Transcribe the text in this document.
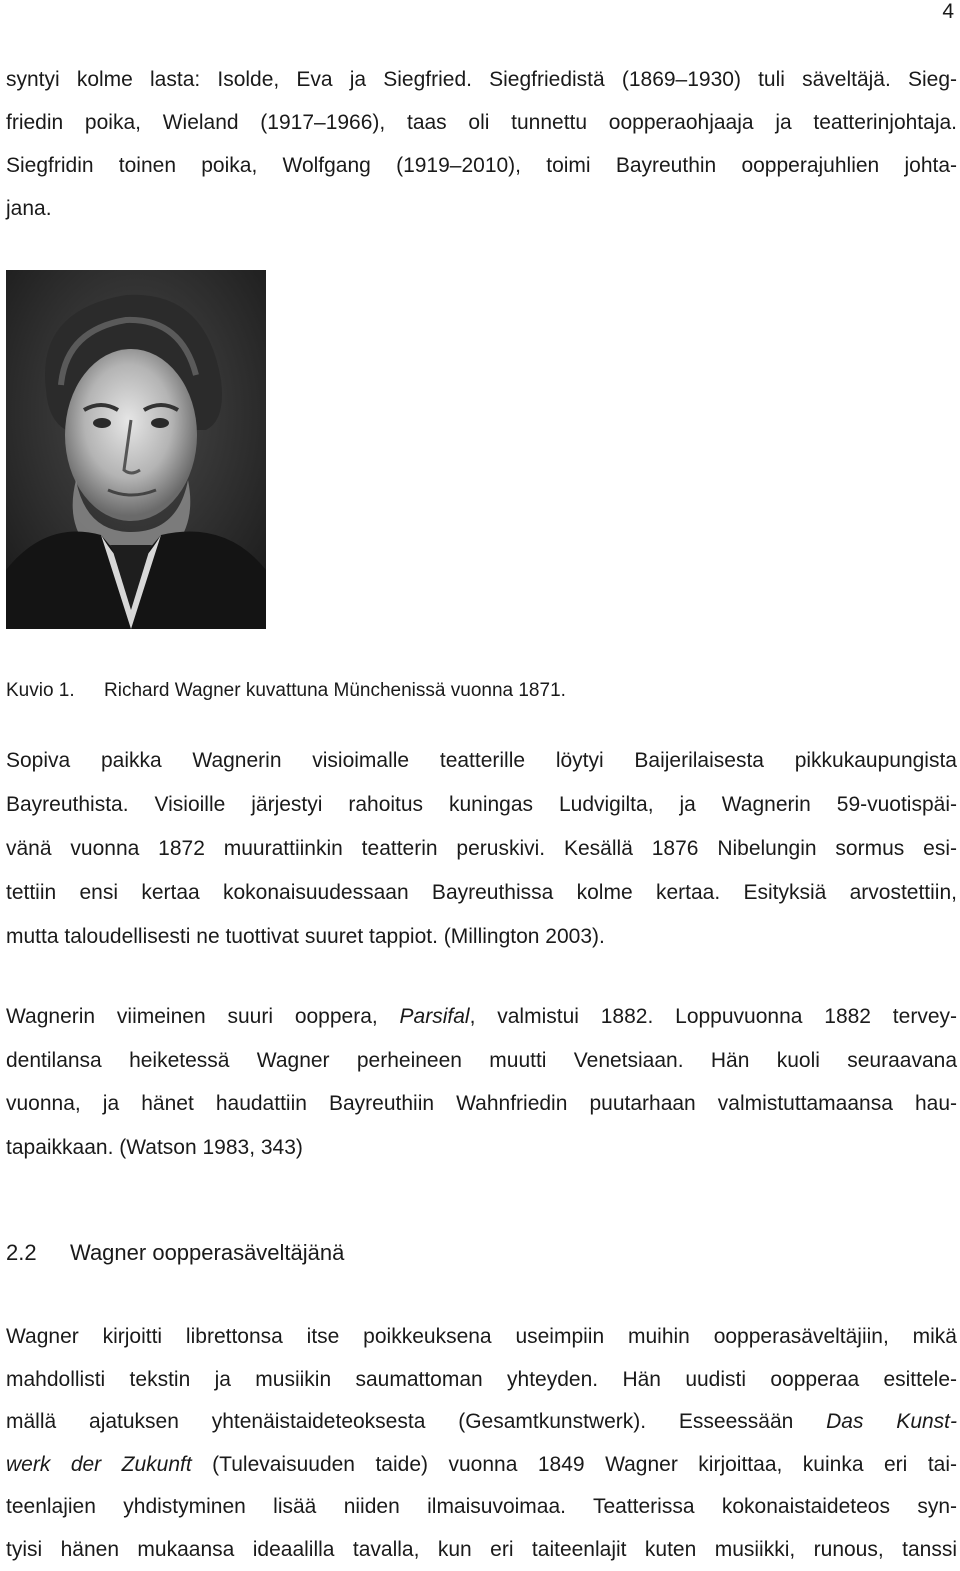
4
syntyi kolme lasta: Isolde, Eva ja Siegfried. Siegfriedistä (1869–1930) tuli säveltäjä. Sieg-
friedin poika, Wieland (1917–1966), taas oli tunnettu oopperaohjaaja ja teatterinjohtaja.
Siegfridin toinen poika, Wolfgang (1919–2010), toimi Bayreuthin oopperajuhlien johta-
jana.
Kuvio 1. Richard Wagner kuvattuna Münchenissä vuonna 1871.
Sopiva paikka Wagnerin visioimalle teatterille löytyi Baijerilaisesta pikkukaupungista
Bayreuthista. Visioille järjestyi rahoitus kuningas Ludvigilta, ja Wagnerin 59-vuotispäi-
vänä vuonna 1872 muurattiinkin teatterin peruskivi. Kesällä 1876 Nibelungin sormus esi-
tettiin ensi kertaa kokonaisuudessaan Bayreuthissa kolme kertaa. Esityksiä arvostettiin,
mutta taloudellisesti ne tuottivat suuret tappiot. (Millington 2003).
Wagnerin viimeinen suuri ooppera, Parsifal, valmistui 1882. Loppuvuonna 1882 tervey-
dentilansa heiketessä Wagner perheineen muutti Venetsiaan. Hän kuoli seuraavana
vuonna, ja hänet haudattiin Bayreuthiin Wahnfriedin puutarhaan valmistuttamaansa hau-
tapaikkaan. (Watson 1983, 343)
2.2 Wagner oopperasäveltäjänä
Wagner kirjoitti librettonsa itse poikkeuksena useimpiin muihin oopperasäveltäjiin, mikä
mahdollisti tekstin ja musiikin saumattoman yhteyden. Hän uudisti oopperaa esittele-
mällä ajatuksen yhtenäistaideteoksesta (Gesamtkunstwerk). Esseessään Das Kunst-
werk der Zukunft (Tulevaisuuden taide) vuonna 1849 Wagner kirjoittaa, kuinka eri tai-
teenlajien yhdistyminen lisää niiden ilmaisuvoimaa. Teatterissa kokonaistaideteos syn-
tyisi hänen mukaansa ideaalilla tavalla, kun eri taiteenlajit kuten musiikki, runous, tanssi
